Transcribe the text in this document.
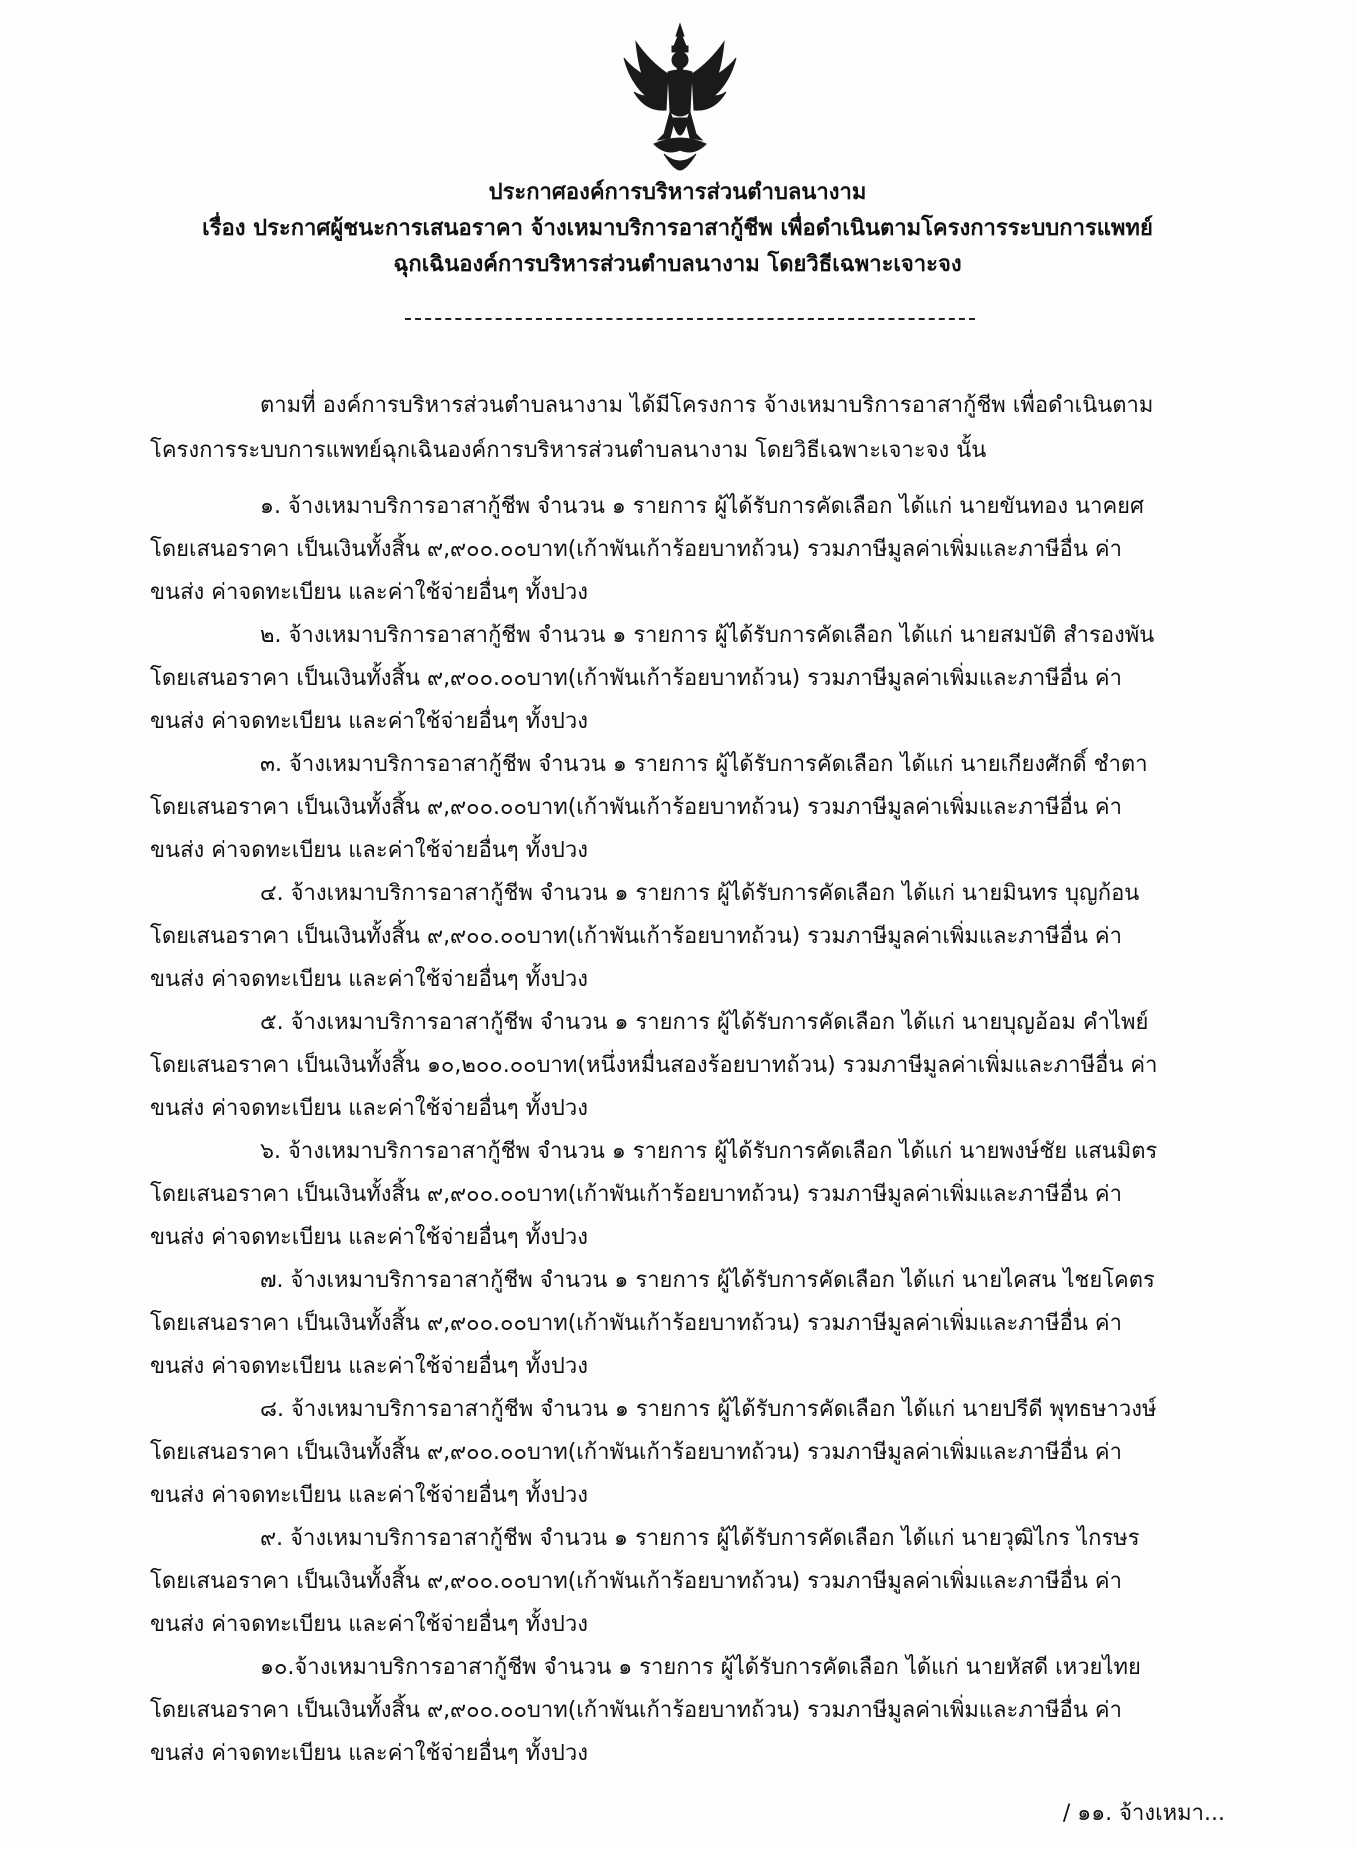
ประกาศองค์การบริหารส่วนตำบลนางาม
เรื่อง ประกาศผู้ชนะการเสนอราคา จ้างเหมาบริการอาสากู้ชีพ เพื่อดำเนินตามโครงการระบบการแพทย์
ฉุกเฉินองค์การบริหารส่วนตำบลนางาม โดยวิธีเฉพาะเจาะจง
ตามที่ องค์การบริหารส่วนตำบลนางาม ได้มีโครงการ จ้างเหมาบริการอาสากู้ชีพ เพื่อดำเนินตาม
โครงการระบบการแพทย์ฉุกเฉินองค์การบริหารส่วนตำบลนางาม โดยวิธีเฉพาะเจาะจง นั้น
๑. จ้างเหมาบริการอาสากู้ชีพ จำนวน ๑ รายการ ผู้ได้รับการคัดเลือก ได้แก่ นายขันทอง นาคยศ
โดยเสนอราคา เป็นเงินทั้งสิ้น ๙,๙๐๐.๐๐บาท(เก้าพันเก้าร้อยบาทถ้วน) รวมภาษีมูลค่าเพิ่มและภาษีอื่น ค่า
ขนส่ง ค่าจดทะเบียน และค่าใช้จ่ายอื่นๆ ทั้งปวง
๒. จ้างเหมาบริการอาสากู้ชีพ จำนวน ๑ รายการ ผู้ได้รับการคัดเลือก ได้แก่ นายสมบัติ สำรองพัน
โดยเสนอราคา เป็นเงินทั้งสิ้น ๙,๙๐๐.๐๐บาท(เก้าพันเก้าร้อยบาทถ้วน) รวมภาษีมูลค่าเพิ่มและภาษีอื่น ค่า
ขนส่ง ค่าจดทะเบียน และค่าใช้จ่ายอื่นๆ ทั้งปวง
๓. จ้างเหมาบริการอาสากู้ชีพ จำนวน ๑ รายการ ผู้ได้รับการคัดเลือก ได้แก่ นายเกียงศักดิ์ ชำตา
โดยเสนอราคา เป็นเงินทั้งสิ้น ๙,๙๐๐.๐๐บาท(เก้าพันเก้าร้อยบาทถ้วน) รวมภาษีมูลค่าเพิ่มและภาษีอื่น ค่า
ขนส่ง ค่าจดทะเบียน และค่าใช้จ่ายอื่นๆ ทั้งปวง
๔. จ้างเหมาบริการอาสากู้ชีพ จำนวน ๑ รายการ ผู้ได้รับการคัดเลือก ได้แก่ นายมินทร บุญก้อน
โดยเสนอราคา เป็นเงินทั้งสิ้น ๙,๙๐๐.๐๐บาท(เก้าพันเก้าร้อยบาทถ้วน) รวมภาษีมูลค่าเพิ่มและภาษีอื่น ค่า
ขนส่ง ค่าจดทะเบียน และค่าใช้จ่ายอื่นๆ ทั้งปวง
๕. จ้างเหมาบริการอาสากู้ชีพ จำนวน ๑ รายการ ผู้ได้รับการคัดเลือก ได้แก่ นายบุญอ้อม คำไพย์
โดยเสนอราคา เป็นเงินทั้งสิ้น ๑๐,๒๐๐.๐๐บาท(หนึ่งหมื่นสองร้อยบาทถ้วน) รวมภาษีมูลค่าเพิ่มและภาษีอื่น ค่า
ขนส่ง ค่าจดทะเบียน และค่าใช้จ่ายอื่นๆ ทั้งปวง
๖. จ้างเหมาบริการอาสากู้ชีพ จำนวน ๑ รายการ ผู้ได้รับการคัดเลือก ได้แก่ นายพงษ์ชัย แสนมิตร
โดยเสนอราคา เป็นเงินทั้งสิ้น ๙,๙๐๐.๐๐บาท(เก้าพันเก้าร้อยบาทถ้วน) รวมภาษีมูลค่าเพิ่มและภาษีอื่น ค่า
ขนส่ง ค่าจดทะเบียน และค่าใช้จ่ายอื่นๆ ทั้งปวง
๗. จ้างเหมาบริการอาสากู้ชีพ จำนวน ๑ รายการ ผู้ได้รับการคัดเลือก ได้แก่ นายไคสน ไชยโคตร
โดยเสนอราคา เป็นเงินทั้งสิ้น ๙,๙๐๐.๐๐บาท(เก้าพันเก้าร้อยบาทถ้วน) รวมภาษีมูลค่าเพิ่มและภาษีอื่น ค่า
ขนส่ง ค่าจดทะเบียน และค่าใช้จ่ายอื่นๆ ทั้งปวง
๘. จ้างเหมาบริการอาสากู้ชีพ จำนวน ๑ รายการ ผู้ได้รับการคัดเลือก ได้แก่ นายปรีดี พุทธษาวงษ์
โดยเสนอราคา เป็นเงินทั้งสิ้น ๙,๙๐๐.๐๐บาท(เก้าพันเก้าร้อยบาทถ้วน) รวมภาษีมูลค่าเพิ่มและภาษีอื่น ค่า
ขนส่ง ค่าจดทะเบียน และค่าใช้จ่ายอื่นๆ ทั้งปวง
๙. จ้างเหมาบริการอาสากู้ชีพ จำนวน ๑ รายการ ผู้ได้รับการคัดเลือก ได้แก่ นายวุฒิไกร ไกรษร
โดยเสนอราคา เป็นเงินทั้งสิ้น ๙,๙๐๐.๐๐บาท(เก้าพันเก้าร้อยบาทถ้วน) รวมภาษีมูลค่าเพิ่มและภาษีอื่น ค่า
ขนส่ง ค่าจดทะเบียน และค่าใช้จ่ายอื่นๆ ทั้งปวง
๑๐.จ้างเหมาบริการอาสากู้ชีพ จำนวน ๑ รายการ ผู้ได้รับการคัดเลือก ได้แก่ นายหัสดี เหวยไทย
โดยเสนอราคา เป็นเงินทั้งสิ้น ๙,๙๐๐.๐๐บาท(เก้าพันเก้าร้อยบาทถ้วน) รวมภาษีมูลค่าเพิ่มและภาษีอื่น ค่า
ขนส่ง ค่าจดทะเบียน และค่าใช้จ่ายอื่นๆ ทั้งปวง
/ ๑๑. จ้างเหมา...
